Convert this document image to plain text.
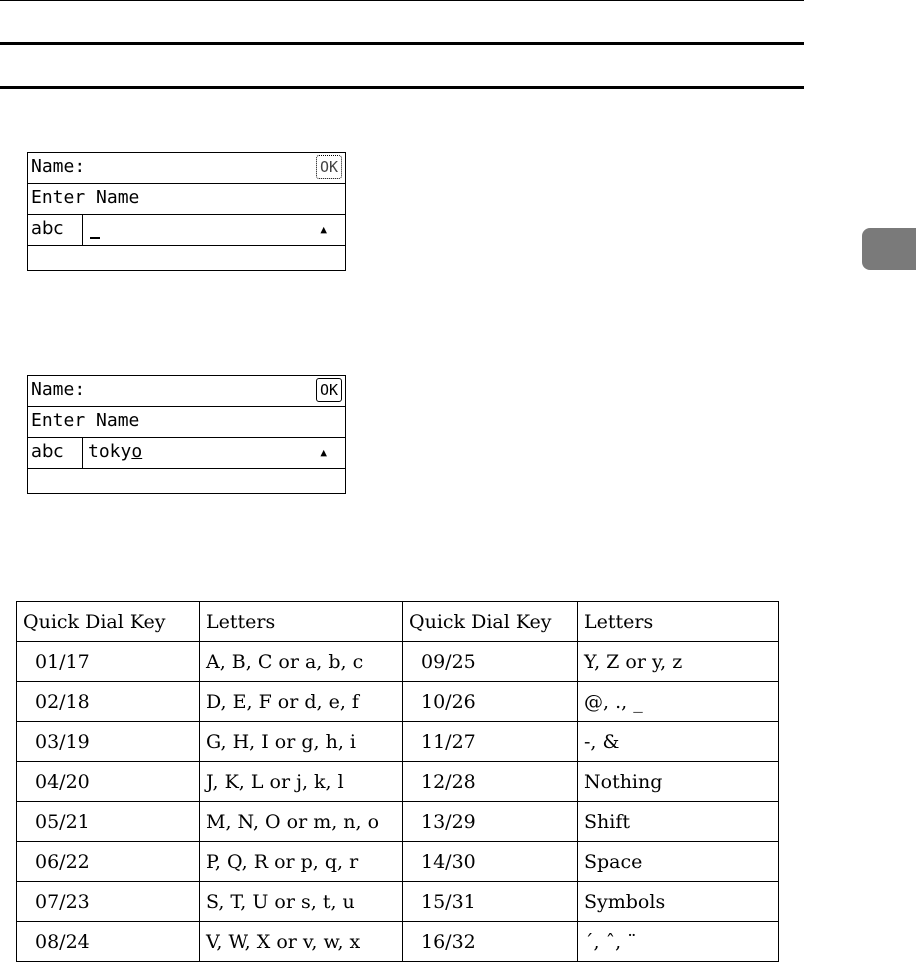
Name:	OK
Enter Name
abc	▲
Name:	OK
Enter Name
abc tokyo	▲
Quick Dial Key	Letters	Quick Dial Key	Letters
01/17	A, B, C or a, b, c	09/25	Y, Z or y, z
02/18	D, E, F or d, e, f	10/26	@, ., _
03/19	G, H, I or g, h, i	11/27	-, &
04/20	J, K, L or j, k, l	12/28	Nothing
05/21	M, N, O or m, n, o	13/29	Shift
06/22	P, Q, R or p, q, r	14/30	Space
07/23	S, T, U or s, t, u	15/31	Symbols
08/24	V, W, X or v, w, x	16/32	´, ˆ, ¨
